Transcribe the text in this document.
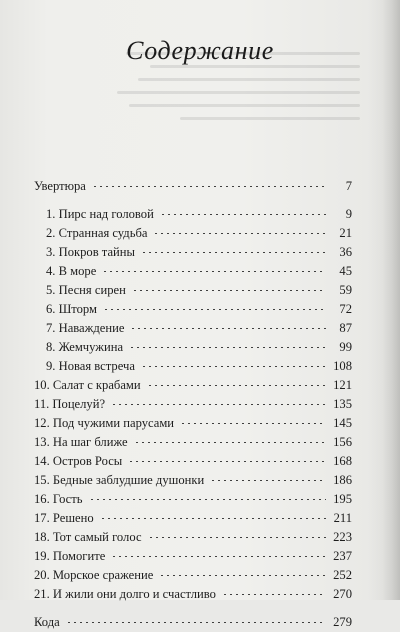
Содержание
Увертюра	7
1. Пирс над головой	9
2. Странная судьба	21
3. Покров тайны	36
4. В море	45
5. Песня сирен	59
6. Шторм	72
7. Наваждение	87
8. Жемчужина	99
9. Новая встреча	108
10. Салат с крабами	121
11. Поцелуй?	135
12. Под чужими парусами	145
13. На шаг ближе	156
14. Остров Росы	168
15. Бедные заблудшие душонки	186
16. Гость	195
17. Решено	211
18. Тот самый голос	223
19. Помогите	237
20. Морское сражение	252
21. И жили они долго и счастливо	270
Кода	279
